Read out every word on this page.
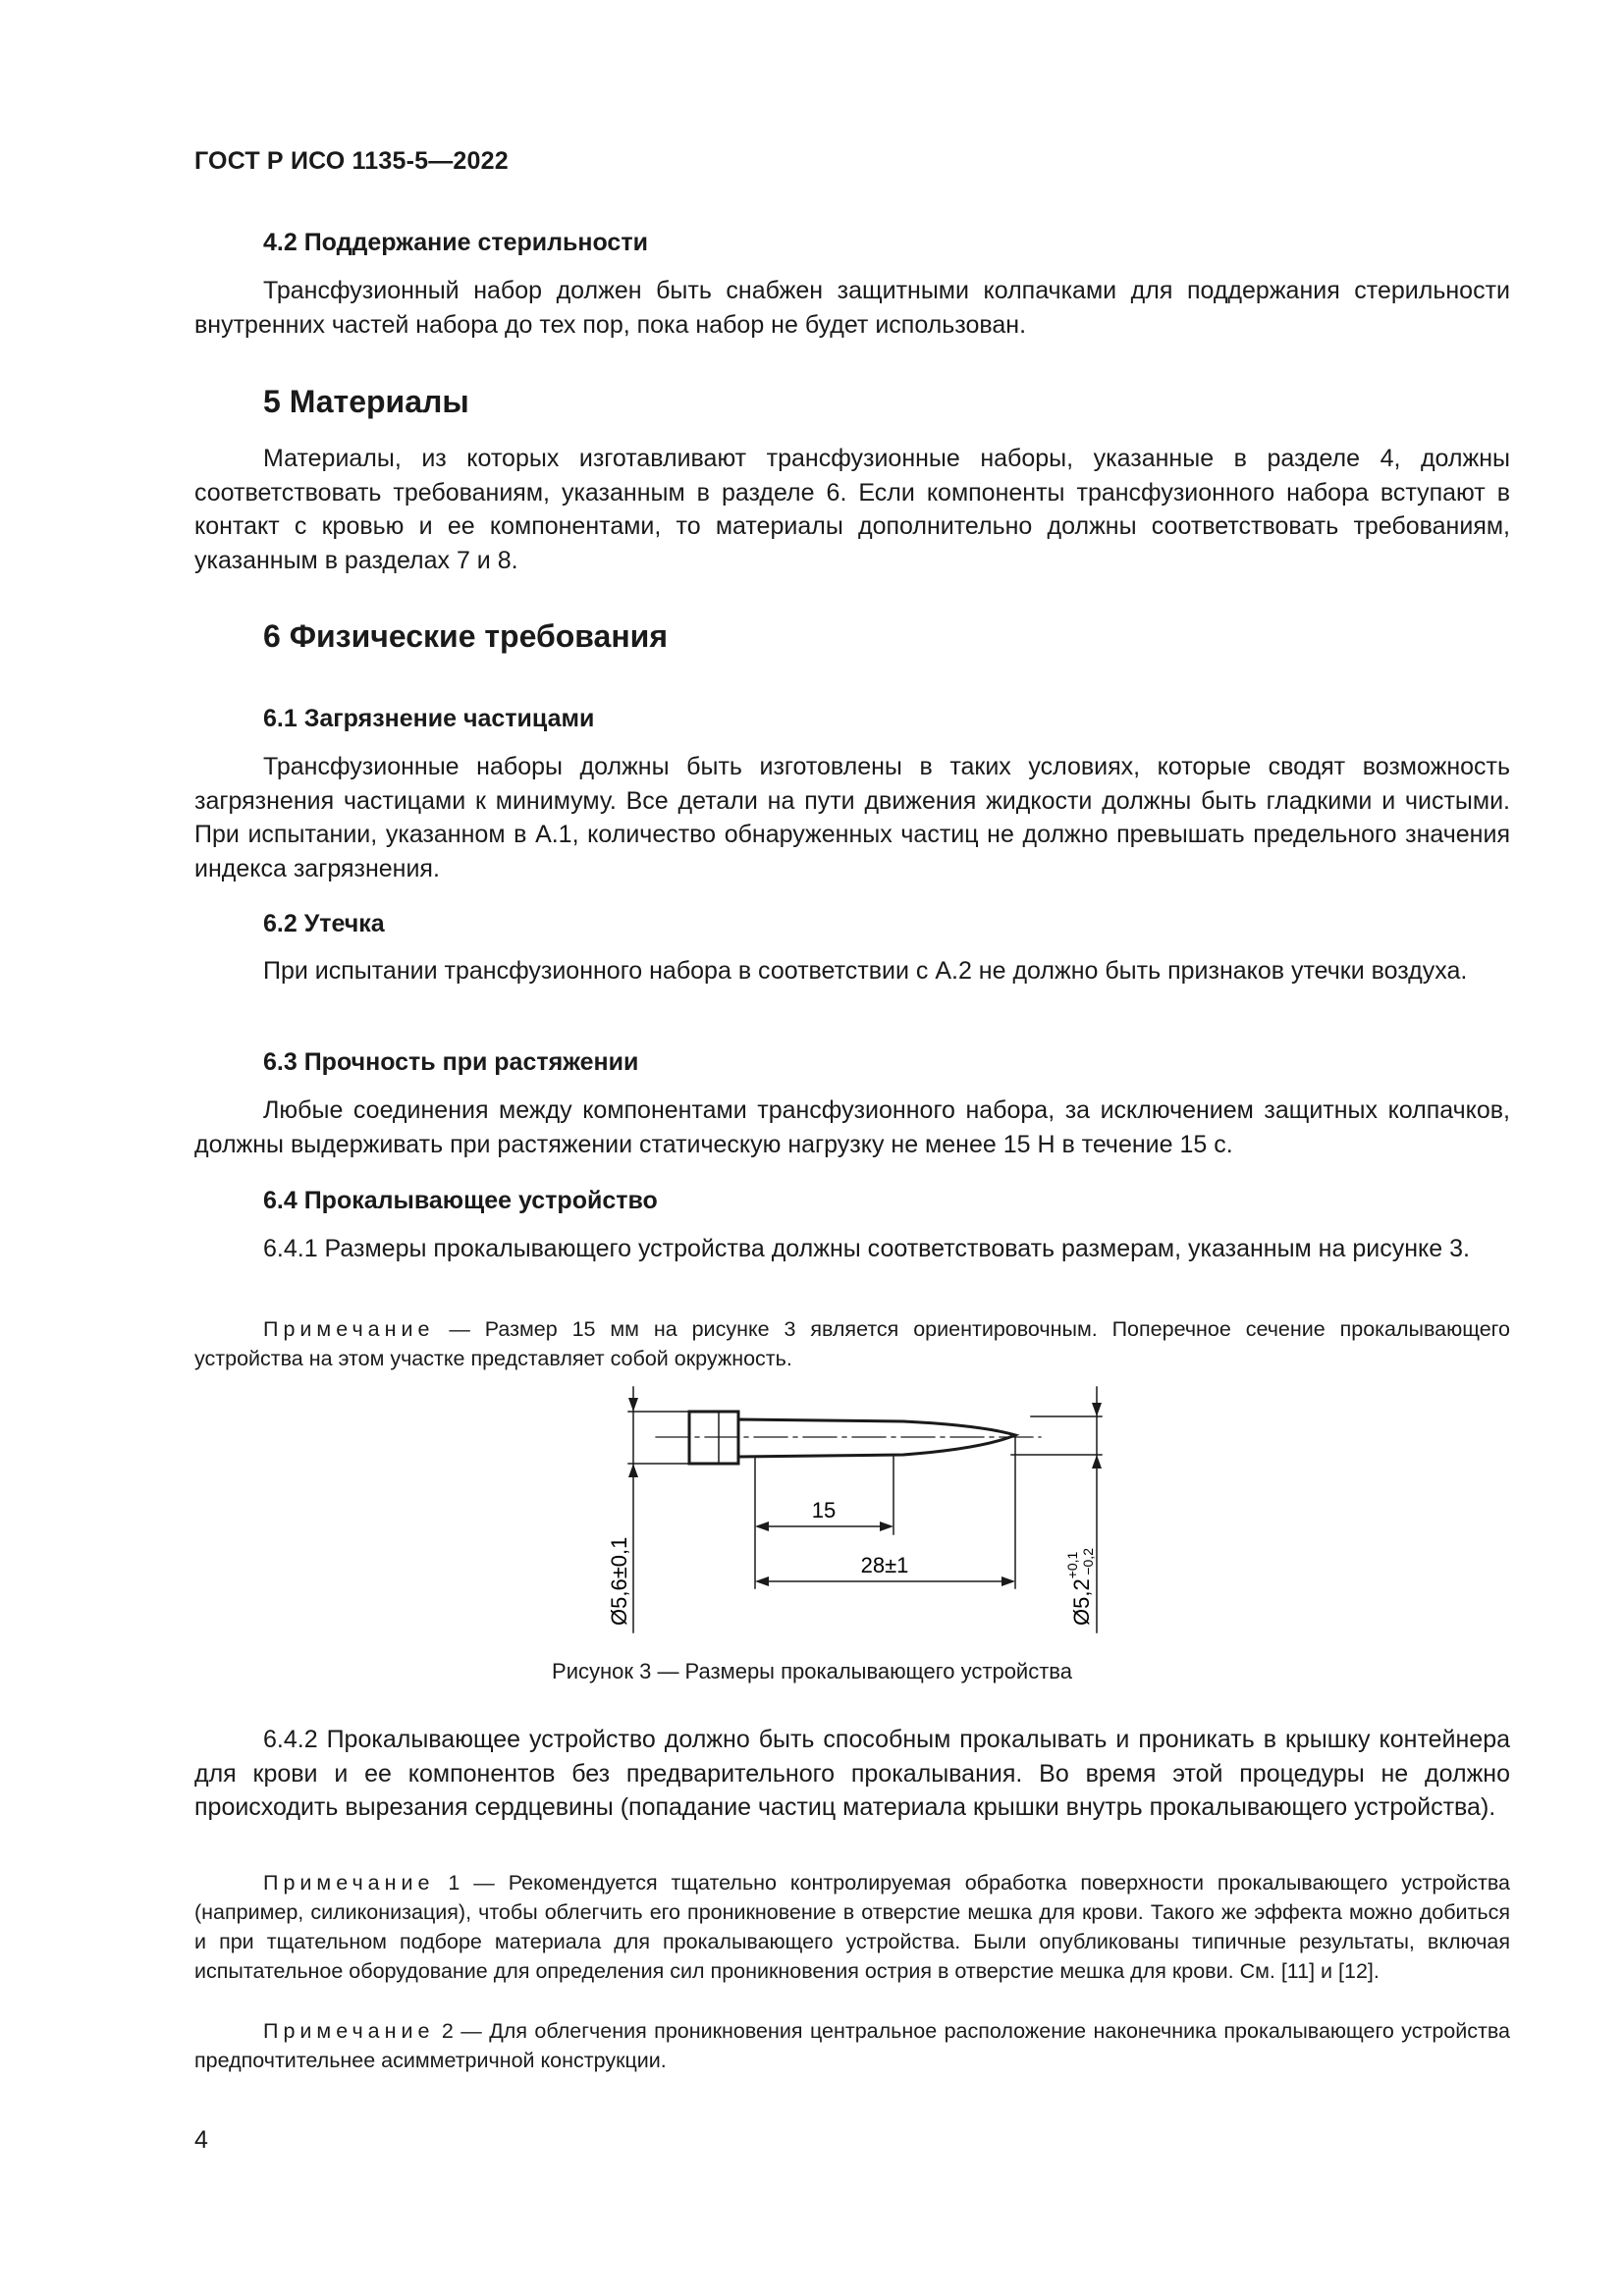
ГОСТ Р ИСО 1135-5—2022
4.2 Поддержание стерильности

Трансфузионный набор должен быть снабжен защитными колпачками для поддержания стерильности внутренних частей набора до тех пор, пока набор не будет использован.

5 Материалы

Материалы, из которых изготавливают трансфузионные наборы, указанные в разделе 4, должны соответствовать требованиям, указанным в разделе 6. Если компоненты трансфузионного набора вступают в контакт с кровью и ее компонентами, то материалы дополнительно должны соответствовать требованиям, указанным в разделах 7 и 8.

6 Физические требования
6.1 Загрязнение частицами

Трансфузионные наборы должны быть изготовлены в таких условиях, которые сводят возможность загрязнения частицами к минимуму. Все детали на пути движения жидкости должны быть гладкими и чистыми. При испытании, указанном в А.1, количество обнаруженных частиц не должно превышать предельного значения индекса загрязнения.

6.2 Утечка

При испытании трансфузионного набора в соответствии с А.2 не должно быть признаков утечки воздуха.

6.3 Прочность при растяжении

Любые соединения между компонентами трансфузионного набора, за исключением защитных колпачков, должны выдерживать при растяжении статическую нагрузку не менее 15 Н в течение 15 с.

6.4 Прокалывающее устройство

6.4.1 Размеры прокалывающего устройства должны соответствовать размерам, указанным на рисунке 3.

Примечание — Размер 15 мм на рисунке 3 является ориентировочным. Поперечное сечение прокалывающего устройства на этом участке представляет собой окружность.

15
28±1
Ø5,6±0,1	$Ø5,2^{+0,1}-0,2$
Рисунок 3 — Размеры прокалывающего устройства

6.4.2 Прокалывающее устройство должно быть способным прокалывать и проникать в крышку контейнера для крови и ее компонентов без предварительного прокалывания. Во время этой процедуры не должно происходить вырезания сердцевины (попадание частиц материала крышки внутрь прокалывающего устройства).

Примечание 1 — Рекомендуется тщательно контролируемая обработка поверхности прокалывающего устройства (например, силиконизация), чтобы облегчить его проникновение в отверстие мешка для крови. Такого же эффекта можно добиться и при тщательном подборе материала для прокалывающего устройства. Были опубликованы типичные результаты, включая испытательное оборудование для определения сил проникновения острия в отверстие мешка для крови. См. [11] и [12].

Примечание 2 — Для облегчения проникновения центральное расположение наконечника прокалывающего устройства предпочтительнее асимметричной конструкции.

4
